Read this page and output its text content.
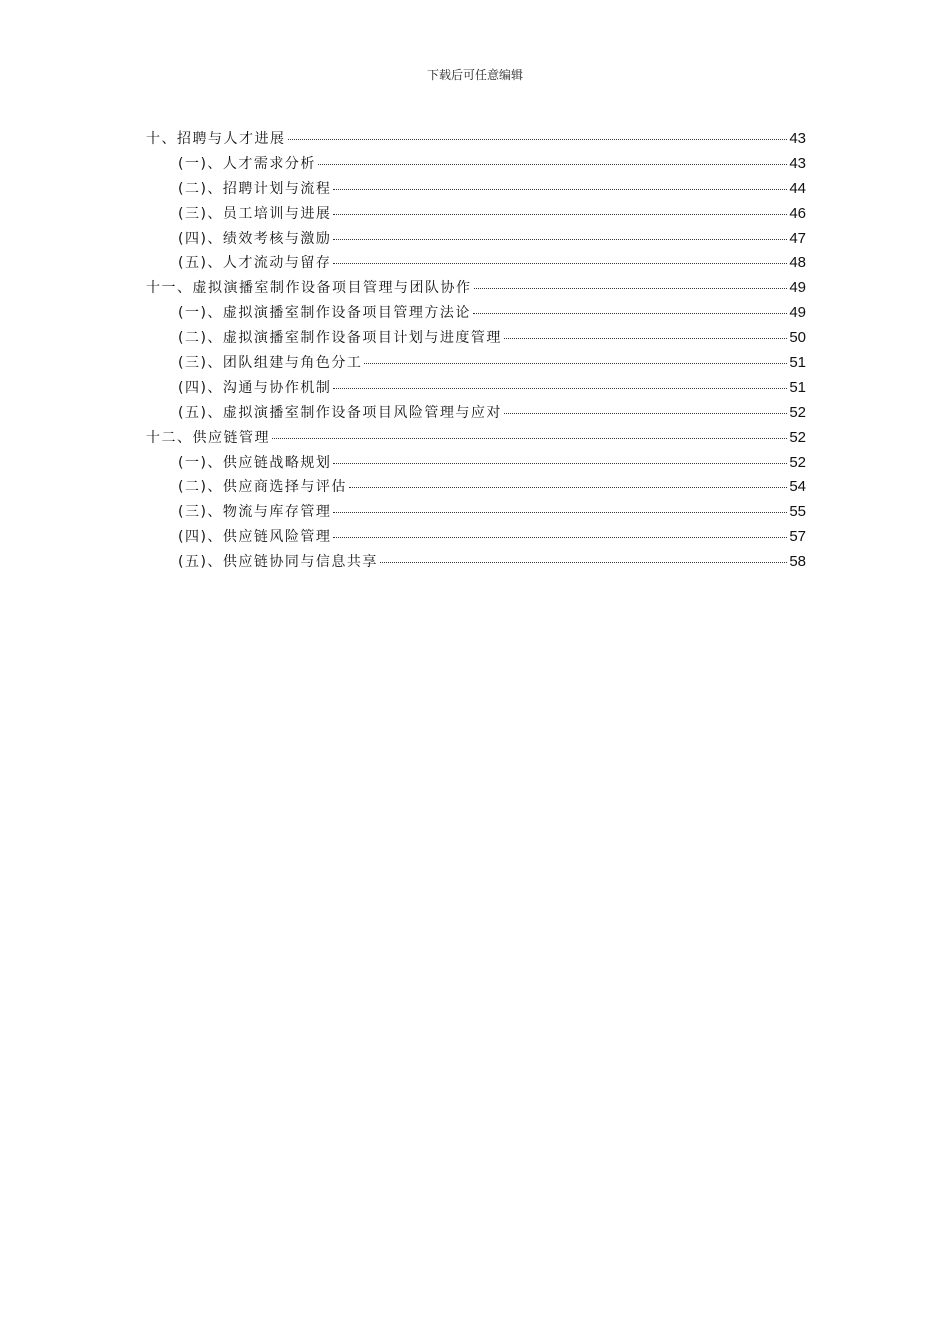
下载后可任意编辑
十、招聘与人才进展	43
(一)、人才需求分析	43
(二)、招聘计划与流程	44
(三)、员工培训与进展	46
(四)、绩效考核与激励	47
(五)、人才流动与留存	48
十一、虚拟演播室制作设备项目管理与团队协作	49
(一)、虚拟演播室制作设备项目管理方法论	49
(二)、虚拟演播室制作设备项目计划与进度管理	50
(三)、团队组建与角色分工	51
(四)、沟通与协作机制	51
(五)、虚拟演播室制作设备项目风险管理与应对	52
十二、供应链管理	52
(一)、供应链战略规划	52
(二)、供应商选择与评估	54
(三)、物流与库存管理	55
(四)、供应链风险管理	57
(五)、供应链协同与信息共享	58
